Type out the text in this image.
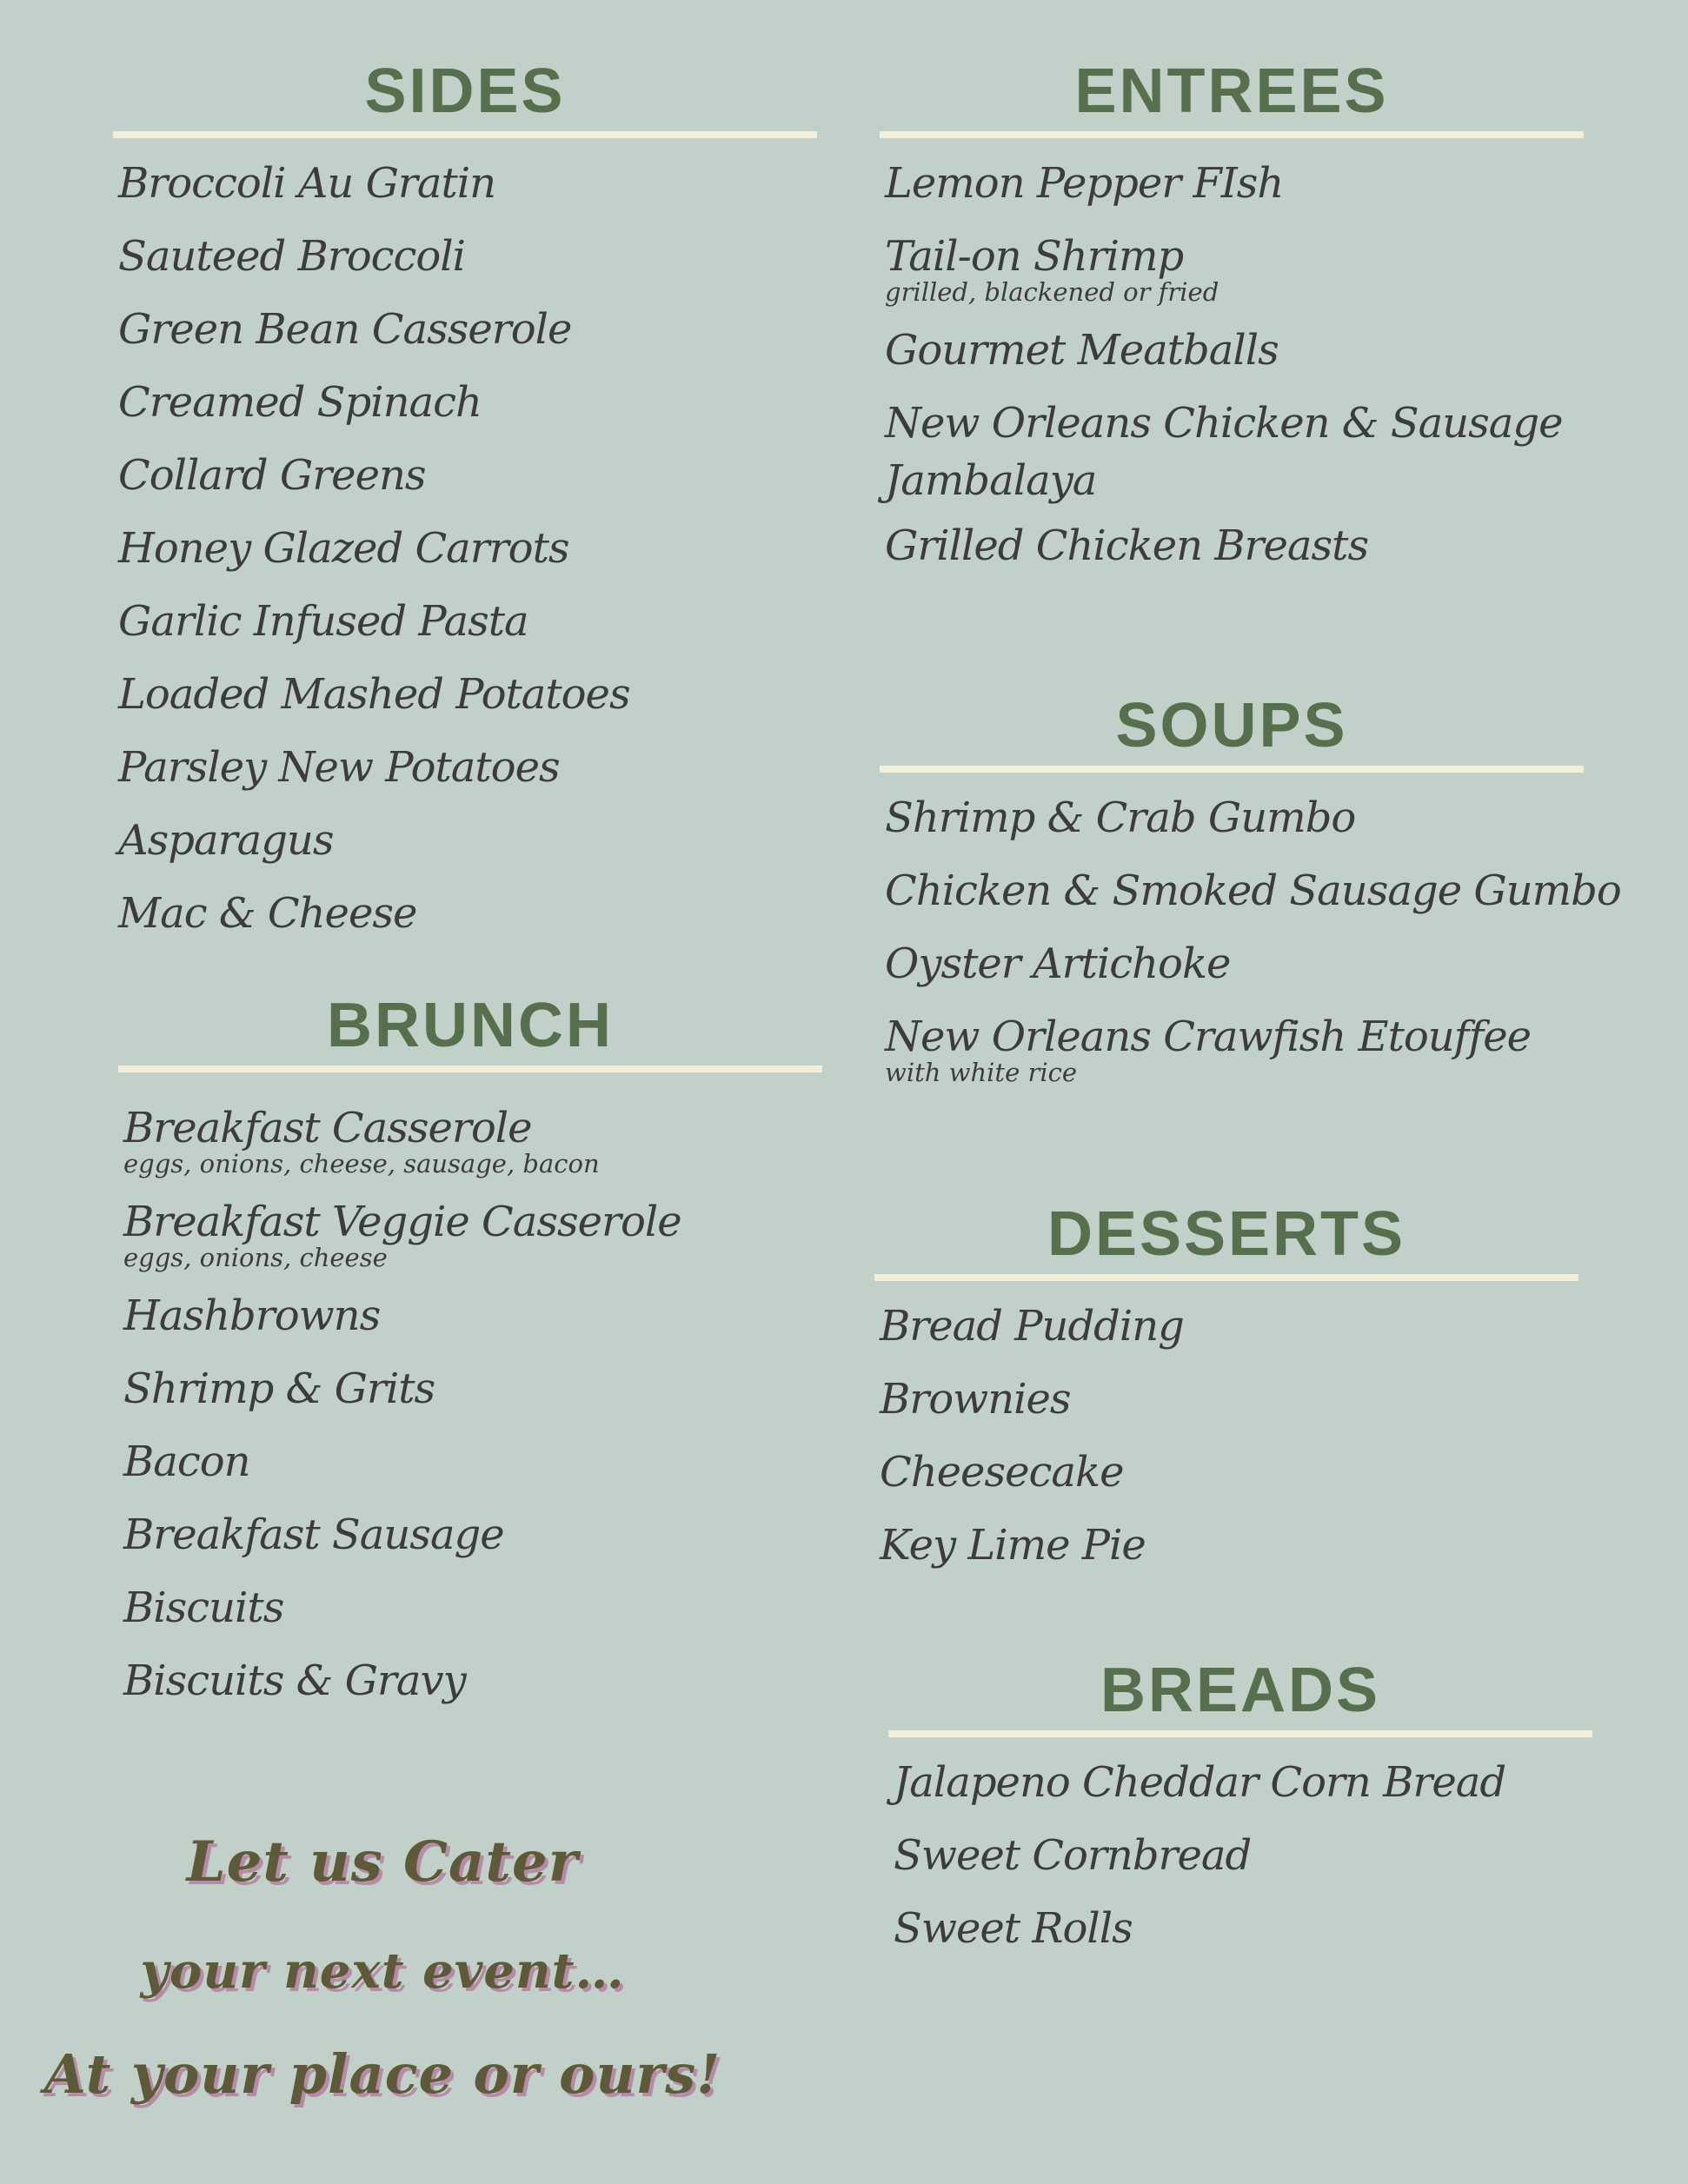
SIDES
Broccoli Au Gratin
Sauteed Broccoli
Green Bean Casserole
Creamed Spinach
Collard Greens
Honey Glazed Carrots
Garlic Infused Pasta
Loaded Mashed Potatoes
Parsley New Potatoes
Asparagus
Mac & Cheese
BRUNCH
Breakfast Casserole
eggs, onions, cheese, sausage, bacon
Breakfast Veggie Casserole
eggs, onions, cheese
Hashbrowns
Shrimp & Grits
Bacon
Breakfast Sausage
Biscuits
Biscuits & Gravy
ENTREES
Lemon Pepper FIsh
Tail-on Shrimp
grilled, blackened or fried
Gourmet Meatballs
New Orleans Chicken & Sausage Jambalaya
Grilled Chicken Breasts
SOUPS
Shrimp & Crab Gumbo
Chicken & Smoked Sausage Gumbo
Oyster Artichoke
New Orleans Crawfish Etouffee
with white rice
DESSERTS
Bread Pudding
Brownies
Cheesecake
Key Lime Pie
BREADS
Jalapeno Cheddar Corn Bread
Sweet Cornbread
Sweet Rolls
Let us Cater
your next event…
At your place or ours!
